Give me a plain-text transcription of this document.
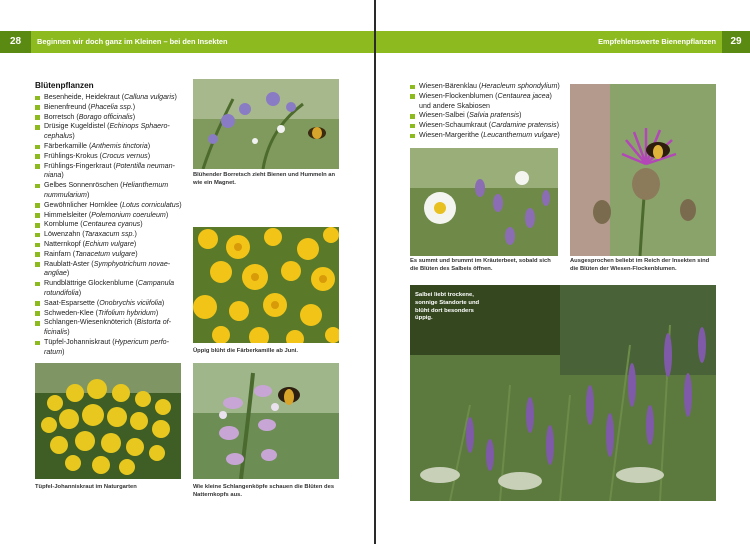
28	Beginnen wir doch ganz im Kleinen – bei den Insekten
Blütenpflanzen
Besenheide, Heidekraut (Calluna vulgaris)
Bienenfreund (Phacelia ssp.)
Borretsch (Borago officinalis)
Drüsige Kugeldistel (Echinops Sphaero-cephalus)
Färberkamille (Anthemis tinctoria)
Frühlings-Krokus (Crocus vernus)
Frühlings-Fingerkraut (Potentilla neuman-niana)
Gelbes Sonnenröschen (Helianthemum nummularium)
Gewöhnlicher Hornklee (Lotus corniculatus)
Himmelsleiter (Polemonium coeruleum)
Kornblume (Centaurea cyanus)
Löwenzahn (Taraxacum ssp.)
Natternkopf (Echium vulgare)
Rainfarn (Tanacetum vulgare)
Raublatt-Aster (Symphyotrichum novae-angliae)
Rundblättrige Glockenblume (Campanula rotundifolia)
Saat-Esparsette (Onobrychis viciifolia)
Schweden-Klee (Trifolium hybridum)
Schlangen-Wiesenknöterich (Bistorta of-ficinalis)
Tüpfel-Johanniskraut (Hypericum perfo-ratum)
Blühender Borretsch zieht Bienen und Hummeln an wie ein Magnet.
Üppig blüht die Färberkamille ab Juni.
Tüpfel-Johanniskraut im Naturgarten	Wie kleine Schlangenköpfe schauen die Blüten des Natternkopfs aus.
Empfehlenswerte Bienenpflanzen	29
Wiesen-Bärenklau (Heracleum sphondylium)
Wiesen-Flockenblumen (Centaurea jacea) und andere Skabiosen
Wiesen-Salbei (Salvia pratensis)
Wiesen-Schaumkraut (Cardamine pratensis)
Wiesen-Margerithe (Leucanthemum vulgare)
Es summt und brummt im Kräuterbeet, sobald sich die Blüten des Salbeis öffnen.
Ausgesprochen beliebt im Reich der Insekten sind die Blüten der Wiesen-Flockenblumen.
Salbei liebt trockene, sonnige Standorte und blüht dort besonders üppig.
